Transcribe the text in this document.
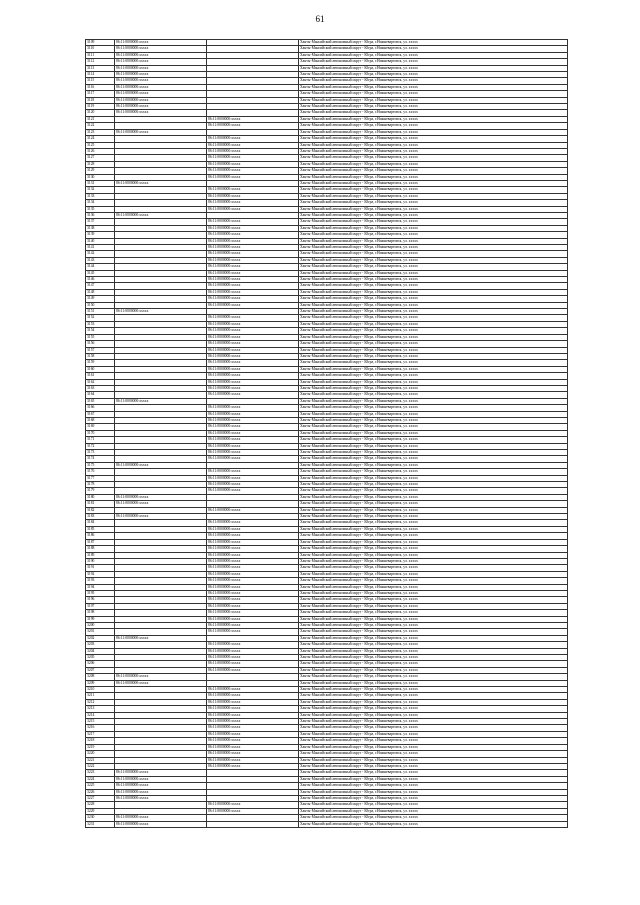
61
3109	86:11:0000000:xxxxx		Ханты-Мансийский автономный округ - Югра, г.Нижневартовск, ул. xxxxx
3110	86:11:0000000:xxxxx		Ханты-Мансийский автономный округ - Югра, г.Нижневартовск, ул. xxxxx
3111	86:11:0000000:xxxxx		Ханты-Мансийский автономный округ - Югра, г.Нижневартовск, ул. xxxxx
3112	86:11:0000000:xxxxx		Ханты-Мансийский автономный округ - Югра, г.Нижневартовск, ул. xxxxx
3113	86:11:0000000:xxxxx		Ханты-Мансийский автономный округ - Югра, г.Нижневартовск, ул. xxxxx
3114	86:11:0000000:xxxxx		Ханты-Мансийский автономный округ - Югра, г.Нижневартовск, ул. xxxxx
3115	86:11:0000000:xxxxx		Ханты-Мансийский автономный округ - Югра, г.Нижневартовск, ул. xxxxx
3116	86:11:0000000:xxxxx		Ханты-Мансийский автономный округ - Югра, г.Нижневартовск, ул. xxxxx
3117	86:11:0000000:xxxxx		Ханты-Мансийский автономный округ - Югра, г.Нижневартовск, ул. xxxxx
3118	86:11:0000000:xxxxx		Ханты-Мансийский автономный округ - Югра, г.Нижневартовск, ул. xxxxx
3119	86:11:0000000:xxxxx		Ханты-Мансийский автономный округ - Югра, г.Нижневартовск, ул. xxxxx
3120	86:11:0000000:xxxxx		Ханты-Мансийский автономный округ - Югра, г.Нижневартовск, ул. xxxxx
3121		86:11:0000000:xxxxx	Ханты-Мансийский автономный округ - Югра, г.Нижневартовск, ул. xxxxx
3122		86:11:0000000:xxxxx	Ханты-Мансийский автономный округ - Югра, г.Нижневартовск, ул. xxxxx
3123	86:11:0000000:xxxxx		Ханты-Мансийский автономный округ - Югра, г.Нижневартовск, ул. xxxxx
3124		86:11:0000000:xxxxx	Ханты-Мансийский автономный округ - Югра, г.Нижневартовск, ул. xxxxx
3125		86:11:0000000:xxxxx	Ханты-Мансийский автономный округ - Югра, г.Нижневартовск, ул. xxxxx
3126		86:11:0000000:xxxxx	Ханты-Мансийский автономный округ - Югра, г.Нижневартовск, ул. xxxxx
3127		86:11:0000000:xxxxx	Ханты-Мансийский автономный округ - Югра, г.Нижневартовск, ул. xxxxx
3128		86:11:0000000:xxxxx	Ханты-Мансийский автономный округ - Югра, г.Нижневартовск, ул. xxxxx
3129		86:11:0000000:xxxxx	Ханты-Мансийский автономный округ - Югра, г.Нижневартовск, ул. xxxxx
3130		86:11:0000000:xxxxx	Ханты-Мансийский автономный округ - Югра, г.Нижневартовск, ул. xxxxx
3131	86:11:0000000:xxxxx		Ханты-Мансийский автономный округ - Югра, г.Нижневартовск, ул. xxxxx
3132		86:11:0000000:xxxxx	Ханты-Мансийский автономный округ - Югра, г.Нижневартовск, ул. xxxxx
3133		86:11:0000000:xxxxx	Ханты-Мансийский автономный округ - Югра, г.Нижневартовск, ул. xxxxx
3134		86:11:0000000:xxxxx	Ханты-Мансийский автономный округ - Югра, г.Нижневартовск, ул. xxxxx
3135		86:11:0000000:xxxxx	Ханты-Мансийский автономный округ - Югра, г.Нижневартовск, ул. xxxxx
3136	86:11:0000000:xxxxx		Ханты-Мансийский автономный округ - Югра, г.Нижневартовск, ул. xxxxx
3137		86:11:0000000:xxxxx	Ханты-Мансийский автономный округ - Югра, г.Нижневартовск, ул. xxxxx
3138		86:11:0000000:xxxxx	Ханты-Мансийский автономный округ - Югра, г.Нижневартовск, ул. xxxxx
3139		86:11:0000000:xxxxx	Ханты-Мансийский автономный округ - Югра, г.Нижневартовск, ул. xxxxx
3140		86:11:0000000:xxxxx	Ханты-Мансийский автономный округ - Югра, г.Нижневартовск, ул. xxxxx
3141		86:11:0000000:xxxxx	Ханты-Мансийский автономный округ - Югра, г.Нижневартовск, ул. xxxxx
3142		86:11:0000000:xxxxx	Ханты-Мансийский автономный округ - Югра, г.Нижневартовск, ул. xxxxx
3143		86:11:0000000:xxxxx	Ханты-Мансийский автономный округ - Югра, г.Нижневартовск, ул. xxxxx
3144		86:11:0000000:xxxxx	Ханты-Мансийский автономный округ - Югра, г.Нижневартовск, ул. xxxxx
3145		86:11:0000000:xxxxx	Ханты-Мансийский автономный округ - Югра, г.Нижневартовск, ул. xxxxx
3146		86:11:0000000:xxxxx	Ханты-Мансийский автономный округ - Югра, г.Нижневартовск, ул. xxxxx
3147		86:11:0000000:xxxxx	Ханты-Мансийский автономный округ - Югра, г.Нижневартовск, ул. xxxxx
3148		86:11:0000000:xxxxx	Ханты-Мансийский автономный округ - Югра, г.Нижневартовск, ул. xxxxx
3149		86:11:0000000:xxxxx	Ханты-Мансийский автономный округ - Югра, г.Нижневартовск, ул. xxxxx
3150		86:11:0000000:xxxxx	Ханты-Мансийский автономный округ - Югра, г.Нижневартовск, ул. xxxxx
3151	86:11:0000000:xxxxx		Ханты-Мансийский автономный округ - Югра, г.Нижневартовск, ул. xxxxx
3152		86:11:0000000:xxxxx	Ханты-Мансийский автономный округ - Югра, г.Нижневартовск, ул. xxxxx
3153		86:11:0000000:xxxxx	Ханты-Мансийский автономный округ - Югра, г.Нижневартовск, ул. xxxxx
3154		86:11:0000000:xxxxx	Ханты-Мансийский автономный округ - Югра, г.Нижневартовск, ул. xxxxx
3155		86:11:0000000:xxxxx	Ханты-Мансийский автономный округ - Югра, г.Нижневартовск, ул. xxxxx
3156		86:11:0000000:xxxxx	Ханты-Мансийский автономный округ - Югра, г.Нижневартовск, ул. xxxxx
3157		86:11:0000000:xxxxx	Ханты-Мансийский автономный округ - Югра, г.Нижневартовск, ул. xxxxx
3158		86:11:0000000:xxxxx	Ханты-Мансийский автономный округ - Югра, г.Нижневартовск, ул. xxxxx
3159		86:11:0000000:xxxxx	Ханты-Мансийский автономный округ - Югра, г.Нижневартовск, ул. xxxxx
3160		86:11:0000000:xxxxx	Ханты-Мансийский автономный округ - Югра, г.Нижневартовск, ул. xxxxx
3161		86:11:0000000:xxxxx	Ханты-Мансийский автономный округ - Югра, г.Нижневартовск, ул. xxxxx
3162		86:11:0000000:xxxxx	Ханты-Мансийский автономный округ - Югра, г.Нижневартовск, ул. xxxxx
3163		86:11:0000000:xxxxx	Ханты-Мансийский автономный округ - Югра, г.Нижневартовск, ул. xxxxx
3164		86:11:0000000:xxxxx	Ханты-Мансийский автономный округ - Югра, г.Нижневартовск, ул. xxxxx
3165	86:11:0000000:xxxxx		Ханты-Мансийский автономный округ - Югра, г.Нижневартовск, ул. xxxxx
3166		86:11:0000000:xxxxx	Ханты-Мансийский автономный округ - Югра, г.Нижневартовск, ул. xxxxx
3167		86:11:0000000:xxxxx	Ханты-Мансийский автономный округ - Югра, г.Нижневартовск, ул. xxxxx
3168		86:11:0000000:xxxxx	Ханты-Мансийский автономный округ - Югра, г.Нижневартовск, ул. xxxxx
3169		86:11:0000000:xxxxx	Ханты-Мансийский автономный округ - Югра, г.Нижневартовск, ул. xxxxx
3170		86:11:0000000:xxxxx	Ханты-Мансийский автономный округ - Югра, г.Нижневартовск, ул. xxxxx
3171		86:11:0000000:xxxxx	Ханты-Мансийский автономный округ - Югра, г.Нижневартовск, ул. xxxxx
3172		86:11:0000000:xxxxx	Ханты-Мансийский автономный округ - Югра, г.Нижневартовск, ул. xxxxx
3173		86:11:0000000:xxxxx	Ханты-Мансийский автономный округ - Югра, г.Нижневартовск, ул. xxxxx
3174		86:11:0000000:xxxxx	Ханты-Мансийский автономный округ - Югра, г.Нижневартовск, ул. xxxxx
3175	86:11:0000000:xxxxx		Ханты-Мансийский автономный округ - Югра, г.Нижневартовск, ул. xxxxx
3176		86:11:0000000:xxxxx	Ханты-Мансийский автономный округ - Югра, г.Нижневартовск, ул. xxxxx
3177		86:11:0000000:xxxxx	Ханты-Мансийский автономный округ - Югра, г.Нижневартовск, ул. xxxxx
3178		86:11:0000000:xxxxx	Ханты-Мансийский автономный округ - Югра, г.Нижневартовск, ул. xxxxx
3179		86:11:0000000:xxxxx	Ханты-Мансийский автономный округ - Югра, г.Нижневартовск, ул. xxxxx
3180	86:11:0000000:xxxxx		Ханты-Мансийский автономный округ - Югра, г.Нижневартовск, ул. xxxxx
3181	86:11:0000000:xxxxx		Ханты-Мансийский автономный округ - Югра, г.Нижневартовск, ул. xxxxx
3182		86:11:0000000:xxxxx	Ханты-Мансийский автономный округ - Югра, г.Нижневартовск, ул. xxxxx
3183	86:11:0000000:xxxxx		Ханты-Мансийский автономный округ - Югра, г.Нижневартовск, ул. xxxxx
3184		86:11:0000000:xxxxx	Ханты-Мансийский автономный округ - Югра, г.Нижневартовск, ул. xxxxx
3185		86:11:0000000:xxxxx	Ханты-Мансийский автономный округ - Югра, г.Нижневартовск, ул. xxxxx
3186		86:11:0000000:xxxxx	Ханты-Мансийский автономный округ - Югра, г.Нижневартовск, ул. xxxxx
3187		86:11:0000000:xxxxx	Ханты-Мансийский автономный округ - Югра, г.Нижневартовск, ул. xxxxx
3188		86:11:0000000:xxxxx	Ханты-Мансийский автономный округ - Югра, г.Нижневартовск, ул. xxxxx
3189		86:11:0000000:xxxxx	Ханты-Мансийский автономный округ - Югра, г.Нижневартовск, ул. xxxxx
3190		86:11:0000000:xxxxx	Ханты-Мансийский автономный округ - Югра, г.Нижневартовск, ул. xxxxx
3191		86:11:0000000:xxxxx	Ханты-Мансийский автономный округ - Югра, г.Нижневартовск, ул. xxxxx
3192		86:11:0000000:xxxxx	Ханты-Мансийский автономный округ - Югра, г.Нижневартовск, ул. xxxxx
3193		86:11:0000000:xxxxx	Ханты-Мансийский автономный округ - Югра, г.Нижневартовск, ул. xxxxx
3194		86:11:0000000:xxxxx	Ханты-Мансийский автономный округ - Югра, г.Нижневартовск, ул. xxxxx
3195		86:11:0000000:xxxxx	Ханты-Мансийский автономный округ - Югра, г.Нижневартовск, ул. xxxxx
3196		86:11:0000000:xxxxx	Ханты-Мансийский автономный округ - Югра, г.Нижневартовск, ул. xxxxx
3197		86:11:0000000:xxxxx	Ханты-Мансийский автономный округ - Югра, г.Нижневартовск, ул. xxxxx
3198		86:11:0000000:xxxxx	Ханты-Мансийский автономный округ - Югра, г.Нижневартовск, ул. xxxxx
3199		86:11:0000000:xxxxx	Ханты-Мансийский автономный округ - Югра, г.Нижневартовск, ул. xxxxx
3200		86:11:0000000:xxxxx	Ханты-Мансийский автономный округ - Югра, г.Нижневартовск, ул. xxxxx
3201		86:11:0000000:xxxxx	Ханты-Мансийский автономный округ - Югра, г.Нижневартовск, ул. xxxxx
3202	86:11:0000000:xxxxx		Ханты-Мансийский автономный округ - Югра, г.Нижневартовск, ул. xxxxx
3203		86:11:0000000:xxxxx	Ханты-Мансийский автономный округ - Югра, г.Нижневартовск, ул. xxxxx
3204		86:11:0000000:xxxxx	Ханты-Мансийский автономный округ - Югра, г.Нижневартовск, ул. xxxxx
3205		86:11:0000000:xxxxx	Ханты-Мансийский автономный округ - Югра, г.Нижневартовск, ул. xxxxx
3206		86:11:0000000:xxxxx	Ханты-Мансийский автономный округ - Югра, г.Нижневартовск, ул. xxxxx
3207		86:11:0000000:xxxxx	Ханты-Мансийский автономный округ - Югра, г.Нижневартовск, ул. xxxxx
3208	86:11:0000000:xxxxx		Ханты-Мансийский автономный округ - Югра, г.Нижневартовск, ул. xxxxx
3209	86:11:0000000:xxxxx		Ханты-Мансийский автономный округ - Югра, г.Нижневартовск, ул. xxxxx
3210		86:11:0000000:xxxxx	Ханты-Мансийский автономный округ - Югра, г.Нижневартовск, ул. xxxxx
3211		86:11:0000000:xxxxx	Ханты-Мансийский автономный округ - Югра, г.Нижневартовск, ул. xxxxx
3212		86:11:0000000:xxxxx	Ханты-Мансийский автономный округ - Югра, г.Нижневартовск, ул. xxxxx
3213		86:11:0000000:xxxxx	Ханты-Мансийский автономный округ - Югра, г.Нижневартовск, ул. xxxxx
3214		86:11:0000000:xxxxx	Ханты-Мансийский автономный округ - Югра, г.Нижневартовск, ул. xxxxx
3215		86:11:0000000:xxxxx	Ханты-Мансийский автономный округ - Югра, г.Нижневартовск, ул. xxxxx
3216		86:11:0000000:xxxxx	Ханты-Мансийский автономный округ - Югра, г.Нижневартовск, ул. xxxxx
3217		86:11:0000000:xxxxx	Ханты-Мансийский автономный округ - Югра, г.Нижневартовск, ул. xxxxx
3218		86:11:0000000:xxxxx	Ханты-Мансийский автономный округ - Югра, г.Нижневартовск, ул. xxxxx
3219		86:11:0000000:xxxxx	Ханты-Мансийский автономный округ - Югра, г.Нижневартовск, ул. xxxxx
3220		86:11:0000000:xxxxx	Ханты-Мансийский автономный округ - Югра, г.Нижневартовск, ул. xxxxx
3221		86:11:0000000:xxxxx	Ханты-Мансийский автономный округ - Югра, г.Нижневартовск, ул. xxxxx
3222		86:11:0000000:xxxxx	Ханты-Мансийский автономный округ - Югра, г.Нижневартовск, ул. xxxxx
3223	86:11:0000000:xxxxx		Ханты-Мансийский автономный округ - Югра, г.Нижневартовск, ул. xxxxx
3224	86:11:0000000:xxxxx		Ханты-Мансийский автономный округ - Югра, г.Нижневартовск, ул. xxxxx
3225	86:11:0000000:xxxxx		Ханты-Мансийский автономный округ - Югра, г.Нижневартовск, ул. xxxxx
3226	86:11:0000000:xxxxx		Ханты-Мансийский автономный округ - Югра, г.Нижневартовск, ул. xxxxx
3227	86:11:0000000:xxxxx		Ханты-Мансийский автономный округ - Югра, г.Нижневартовск, ул. xxxxx
3228		86:11:0000000:xxxxx	Ханты-Мансийский автономный округ - Югра, г.Нижневартовск, ул. xxxxx
3229		86:11:0000000:xxxxx	Ханты-Мансийский автономный округ - Югра, г.Нижневартовск, ул. xxxxx
3230	86:11:0000000:xxxxx		Ханты-Мансийский автономный округ - Югра, г.Нижневартовск, ул. xxxxx
3231	86:11:0000000:xxxxx		Ханты-Мансийский автономный округ - Югра, г.Нижневартовск, ул. xxxxx
